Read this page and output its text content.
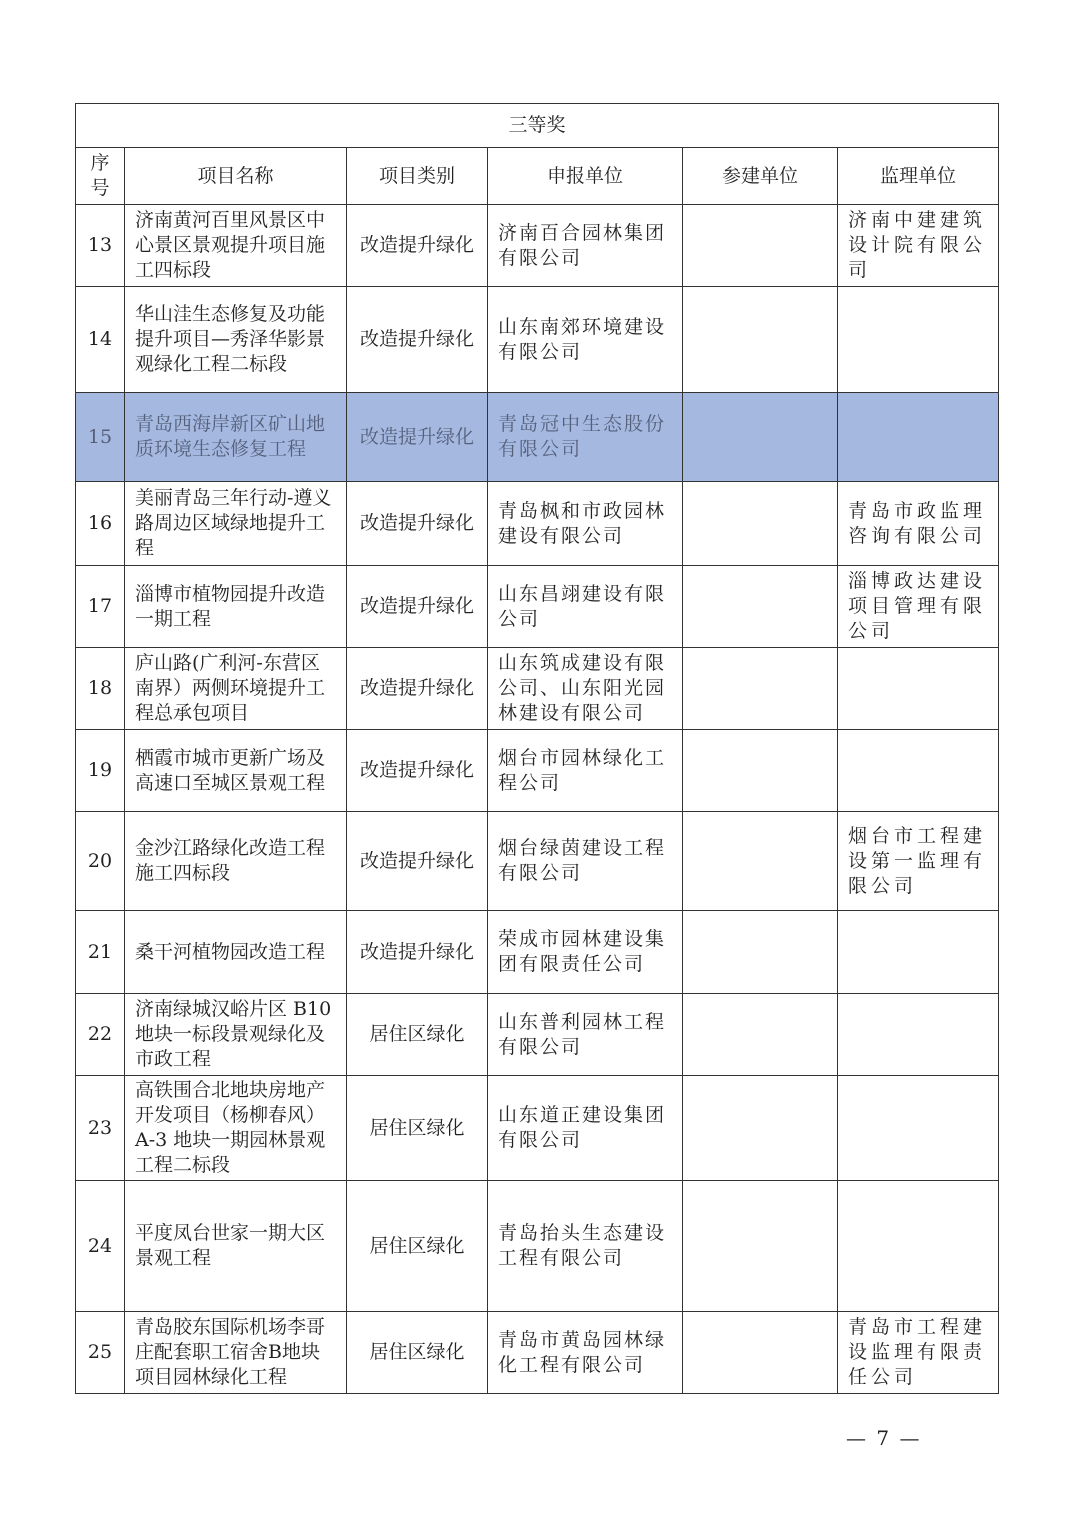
三等奖					
序号	项目名称	项目类别	申报单位	参建单位	监理单位
13	济南黄河百里风景区中心景区景观提升项目施工四标段	改造提升绿化	济南百合园林集团有限公司		济南中建建筑设计院有限公司
14	华山洼生态修复及功能提升项目—秀泽华影景观绿化工程二标段	改造提升绿化	山东南郊环境建设有限公司		
15	青岛西海岸新区矿山地质环境生态修复工程	改造提升绿化	青岛冠中生态股份有限公司		
16	美丽青岛三年行动-遵义路周边区域绿地提升工程	改造提升绿化	青岛枫和市政园林建设有限公司		青岛市政监理咨询有限公司
17	淄博市植物园提升改造一期工程	改造提升绿化	山东昌翊建设有限公司		淄博政达建设项目管理有限公司
18	庐山路(广利河-东营区南界）两侧环境提升工程总承包项目	改造提升绿化	山东筑成建设有限公司、山东阳光园林建设有限公司		
19	栖霞市城市更新广场及高速口至城区景观工程	改造提升绿化	烟台市园林绿化工程公司		
20	金沙江路绿化改造工程施工四标段	改造提升绿化	烟台绿茵建设工程有限公司		烟台市工程建设第一监理有限公司
21	桑干河植物园改造工程	改造提升绿化	荣成市园林建设集团有限责任公司		
22	济南绿城汉峪片区 B10地块一标段景观绿化及市政工程	居住区绿化	山东普利园林工程有限公司		
23	高铁围合北地块房地产开发项目（杨柳春风）A-3 地块一期园林景观工程二标段	居住区绿化	山东道正建设集团有限公司		
24	平度凤台世家一期大区景观工程	居住区绿化	青岛抬头生态建设工程有限公司		
25	青岛胶东国际机场李哥庄配套职工宿舍B地块项目园林绿化工程	居住区绿化	青岛市黄岛园林绿化工程有限公司		青岛市工程建设监理有限责任公司
— 7 —
